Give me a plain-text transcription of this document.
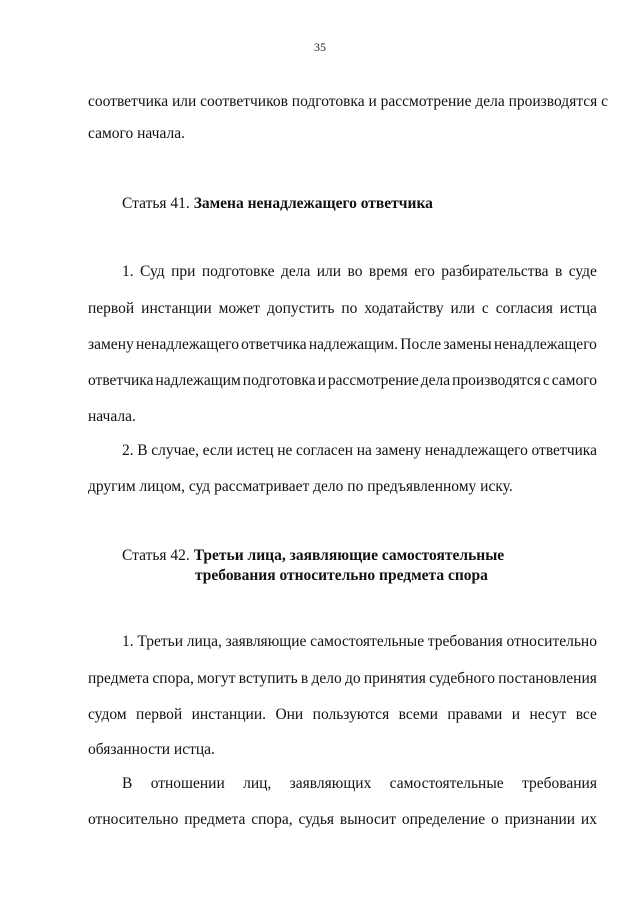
35
соответчика или соответчиков подготовка и рассмотрение дела производятся с
самого начала.
Статья 41. Замена ненадлежащего ответчика
1. Суд при подготовке дела или во время его разбирательства в суде
первой инстанции может допустить по ходатайству или с согласия истца
замену ненадлежащего ответчика надлежащим. После замены ненадлежащего
ответчика надлежащим подготовка и рассмотрение дела производятся с самого
начала.
2. В случае, если истец не согласен на замену ненадлежащего ответчика
другим лицом, суд рассматривает дело по предъявленному иску.
Статья 42. Третьи лица, заявляющие самостоятельные
требования относительно предмета спора
1. Третьи лица, заявляющие самостоятельные требования относительно
предмета спора, могут вступить в дело до принятия судебного постановления
судом первой инстанции. Они пользуются всеми правами и несут все
обязанности истца.
В отношении лиц, заявляющих самостоятельные требования
относительно предмета спора, судья выносит определение о признании их
